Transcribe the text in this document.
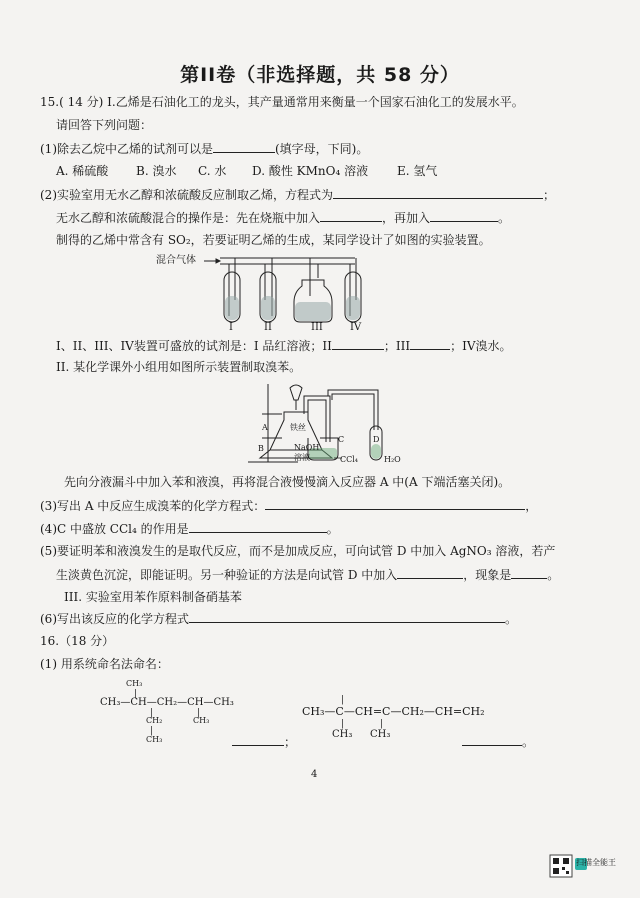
第II卷（非选择题，共 58 分）
15.( 14 分) I.乙烯是石油化工的龙头，其产量通常用来衡量一个国家石油化工的发展水平。
请回答下列问题：
(1)除去乙烷中乙烯的试剂可以是	(填字母，下同)。
A. 稀硫酸 B. 溴水 C. 水 D. 酸性 KMnO₄ 溶液 E. 氢气
(2)实验室用无水乙醇和浓硫酸反应制取乙烯，方程式为	；
无水乙醇和浓硫酸混合的操作是：先在烧瓶中加入	，再加入	。
制得的乙烯中常含有 SO₂，若要证明乙烯的生成，某同学设计了如图的实验装置。
混合气体
I	II	III	IV
I、II、III、IV装置可盛放的试剂是：I 品红溶液；II	；III	；IV溴水。
II. 某化学课外小组用如图所示装置制取溴苯。
A
B
C	D
铁丝
NaOH
溶液	CCl₄	H₂O
先向分液漏斗中加入苯和液溴，再将混合液慢慢滴入反应器 A 中(A 下端活塞关闭)。
(3)写出 A 中反应生成溴苯的化学方程式：	，
(4)C 中盛放 CCl₄ 的作用是	。
(5)要证明苯和液溴发生的是取代反应，而不是加成反应，可向试管 D 中加入 AgNO₃ 溶液，若产
生淡黄色沉淀，即能证明。另一种验证的方法是向试管 D 中加入	，现象是	。
III. 实验室用苯作原料制备硝基苯
(6)写出该反应的化学方程式	。
16.（18 分）
(1) 用系统命名法命名：
CH₃
|
CH₃—CH—CH₂—CH—CH₃
|	|
CH₂	CH₃
|
CH₃	；
|
CH₃—C—CH=C—CH₂—CH=CH₂
|	|
CH₃ CH₃
。
4
扫描全能王
